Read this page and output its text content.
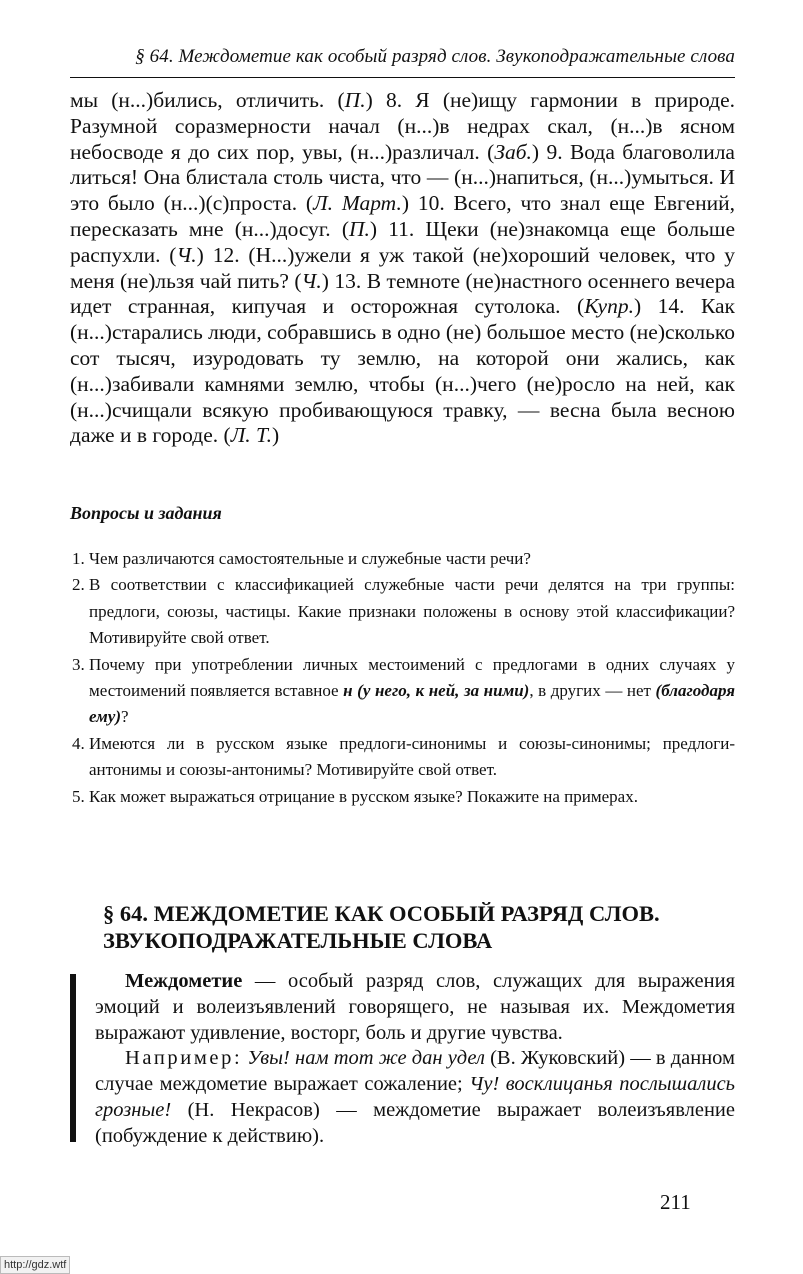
§ 64. Междометие как особый разряд слов. Звукоподражательные слова
мы (н...)бились, отличить. (П.) 8. Я (не)ищу гармонии в природе. Разумной соразмерности начал (н...)в недрах скал, (н...)в ясном небосводе я до сих пор, увы, (н...)различал. (Заб.) 9. Вода благоволила литься! Она блистала столь чиста, что — (н...)напиться, (н...)умыться. И это было (н...)(с)проста. (Л. Март.) 10. Всего, что знал еще Евгений, пересказать мне (н...)досуг. (П.) 11. Щеки (не)знакомца еще больше распухли. (Ч.) 12. (Н...)ужели я уж такой (не)хороший человек, что у меня (не)льзя чай пить? (Ч.) 13. В темноте (не)настного осеннего вечера идет странная, кипучая и осторожная сутолока. (Купр.) 14. Как (н...)старались люди, собравшись в одно (не) большое место (не)сколько сот тысяч, изуродовать ту землю, на которой они жались, как (н...)забивали камнями землю, чтобы (н...)чего (не)росло на ней, как (н...)счищали всякую пробивающуюся травку, — весна была весною даже и в городе. (Л. Т.)
Вопросы и задания
1. Чем различаются самостоятельные и служебные части речи?
2. В соответствии с классификацией служебные части речи делятся на три группы: предлоги, союзы, частицы. Какие признаки положены в основу этой классификации? Мотивируйте свой ответ.
3. Почему при употреблении личных местоимений с предлогами в одних случаях у местоимений появляется вставное н (у него, к ней, за ними), в других — нет (благодаря ему)?
4. Имеются ли в русском языке предлоги-синонимы и союзы-синонимы; предлоги-антонимы и союзы-антонимы? Мотивируйте свой ответ.
5. Как может выражаться отрицание в русском языке? Покажите на примерах.
§ 64. МЕЖДОМЕТИЕ КАК ОСОБЫЙ РАЗРЯД СЛОВ.
ЗВУКОПОДРАЖАТЕЛЬНЫЕ СЛОВА

Междометие — особый разряд слов, служащих для выражения эмоций и волеизъявлений говорящего, не называя их. Междометия выражают удивление, восторг, боль и другие чувства.

Например: Увы! нам тот же дан удел (В. Жуковский) — в данном случае междометие выражает сожаление; Чу! восклицанья послышались грозные! (Н. Некрасов) — междометие выражает волеизъявление (побуждение к действию).

211
http://gdz.wtf
